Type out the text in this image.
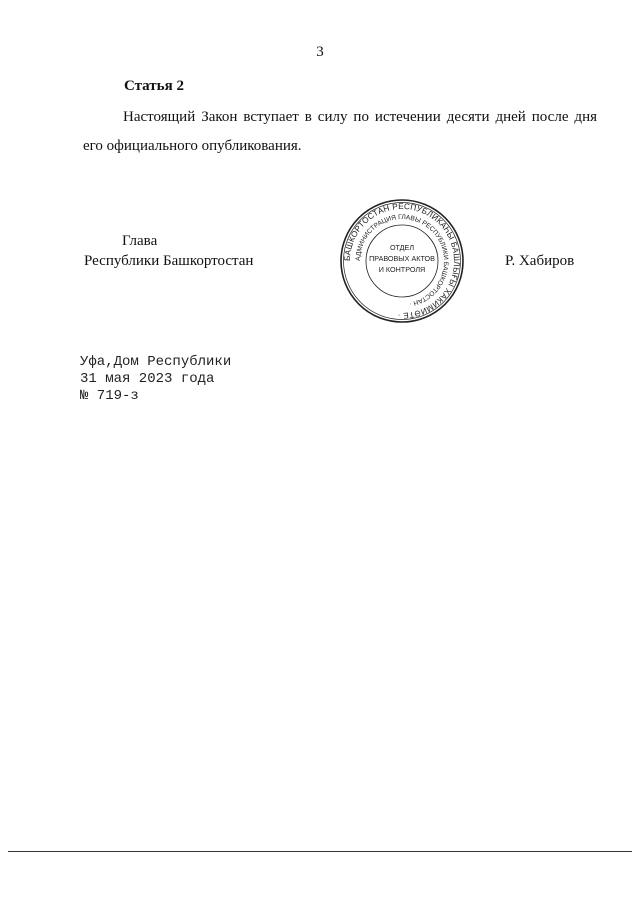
3
Статья 2
Настоящий Закон вступает в силу по истечении десяти дней после дня его официального опубликования.
Глава
Республики Башкортостан	Р. Хабиров
БАШКОРТОСТАН РЕСПУБЛИКАҺЫ БАШЛЫҒЫ ХАКИМИӘТЕ ·
АДМИНИСТРАЦИЯ ГЛАВЫ РЕСПУБЛИКИ БАШКОРТОСТАН ·
ОТДЕЛ
ПРАВОВЫХ АКТОВ
И КОНТРОЛЯ
Уфа,Дом Республики
31 мая 2023 года
№ 719-з
